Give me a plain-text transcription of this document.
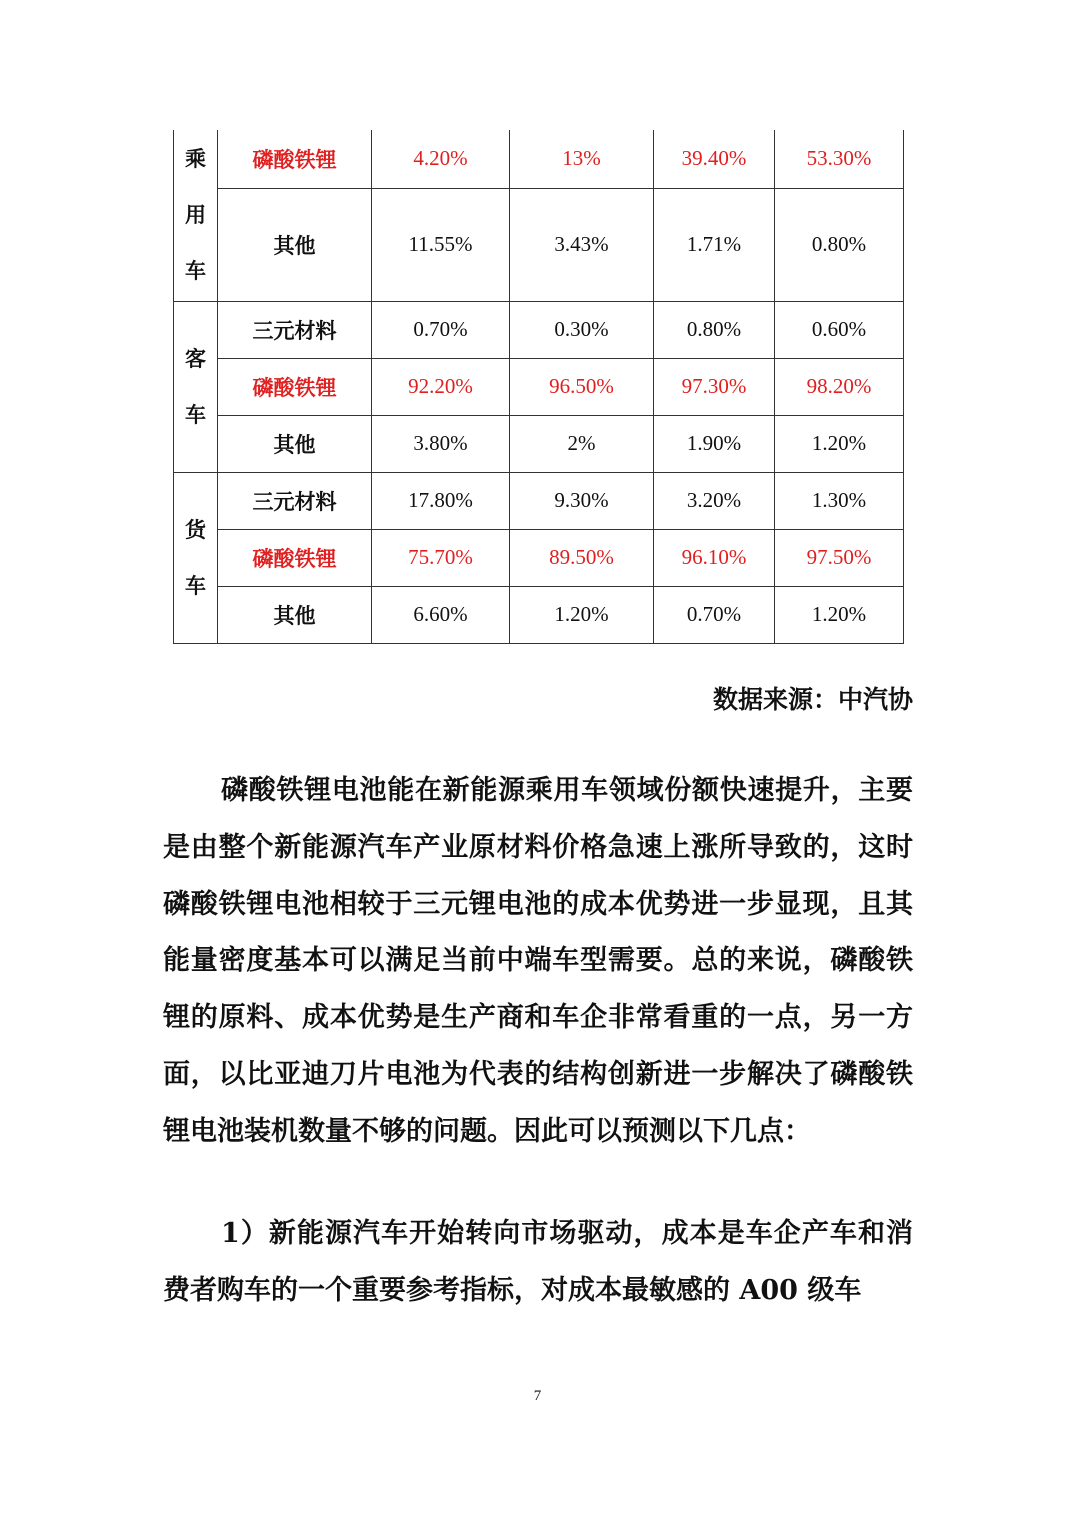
乘
用
车	磷酸铁锂	4.20%	13%	39.40%	53.30%
	其他	11.55%	3.43%	1.71%	0.80%

客
车	三元材料	0.70%	0.30%	0.80%	0.60%
	磷酸铁锂	92.20%	96.50%	97.30%	98.20%
	其他	3.80%	2%	1.90%	1.20%

货
车	三元材料	17.80%	9.30%	3.20%	1.30%
	磷酸铁锂	75.70%	89.50%	96.10%	97.50%
	其他	6.60%	1.20%	0.70%	1.20%
数据来源：中汽协

磷酸铁锂电池能在新能源乘用车领域份额快速提升，主要是由整个新能源汽车产业原材料价格急速上涨所导致的，这时磷酸铁锂电池相较于三元锂电池的成本优势进一步显现，且其能量密度基本可以满足当前中端车型需要。总的来说，磷酸铁锂的原料、成本优势是生产商和车企非常看重的一点，另一方面，以比亚迪刀片电池为代表的结构创新进一步解决了磷酸铁锂电池装机数量不够的问题。因此可以预测以下几点：

1）新能源汽车开始转向市场驱动，成本是车企产车和消费者购车的一个重要参考指标，对成本最敏感的 A00 级车

7
